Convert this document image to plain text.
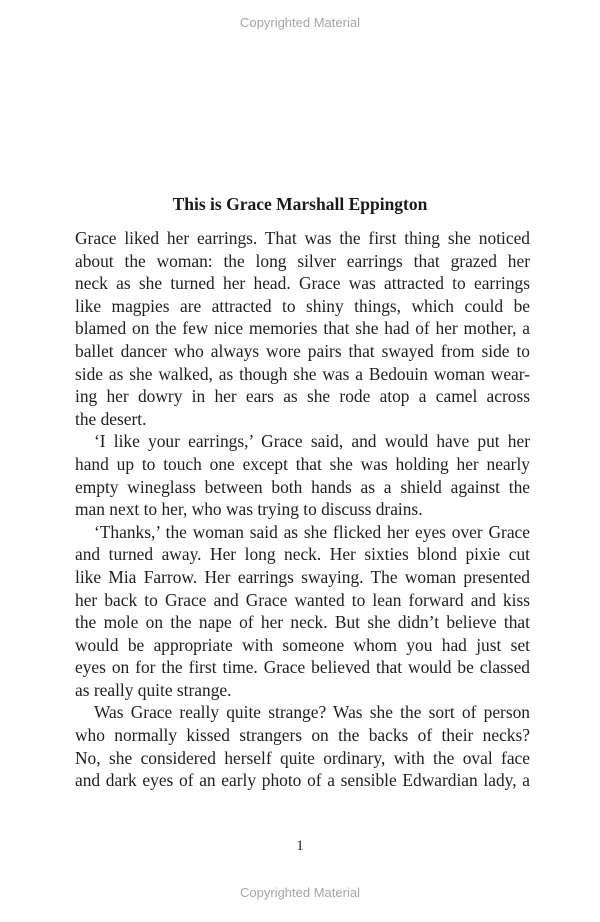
Copyrighted Material
This is Grace Marshall Eppington

Grace liked her earrings. That was the first thing she noticed
about the woman: the long silver earrings that grazed her
neck as she turned her head. Grace was attracted to earrings
like magpies are attracted to shiny things, which could be
blamed on the few nice memories that she had of her mother, a
ballet dancer who always wore pairs that swayed from side to
side as she walked, as though she was a Bedouin woman wear-
ing her dowry in her ears as she rode atop a camel across
the desert.

‘I like your earrings,’ Grace said, and would have put her
hand up to touch one except that she was holding her nearly
empty wineglass between both hands as a shield against the
man next to her, who was trying to discuss drains.

‘Thanks,’ the woman said as she flicked her eyes over Grace
and turned away. Her long neck. Her sixties blond pixie cut
like Mia Farrow. Her earrings swaying. The woman presented
her back to Grace and Grace wanted to lean forward and kiss
the mole on the nape of her neck. But she didn’t believe that
would be appropriate with someone whom you had just set
eyes on for the first time. Grace believed that would be classed
as really quite strange.

Was Grace really quite strange? Was she the sort of person
who normally kissed strangers on the backs of their necks?
No, she considered herself quite ordinary, with the oval face
and dark eyes of an early photo of a sensible Edwardian lady, a

1
Copyrighted Material
